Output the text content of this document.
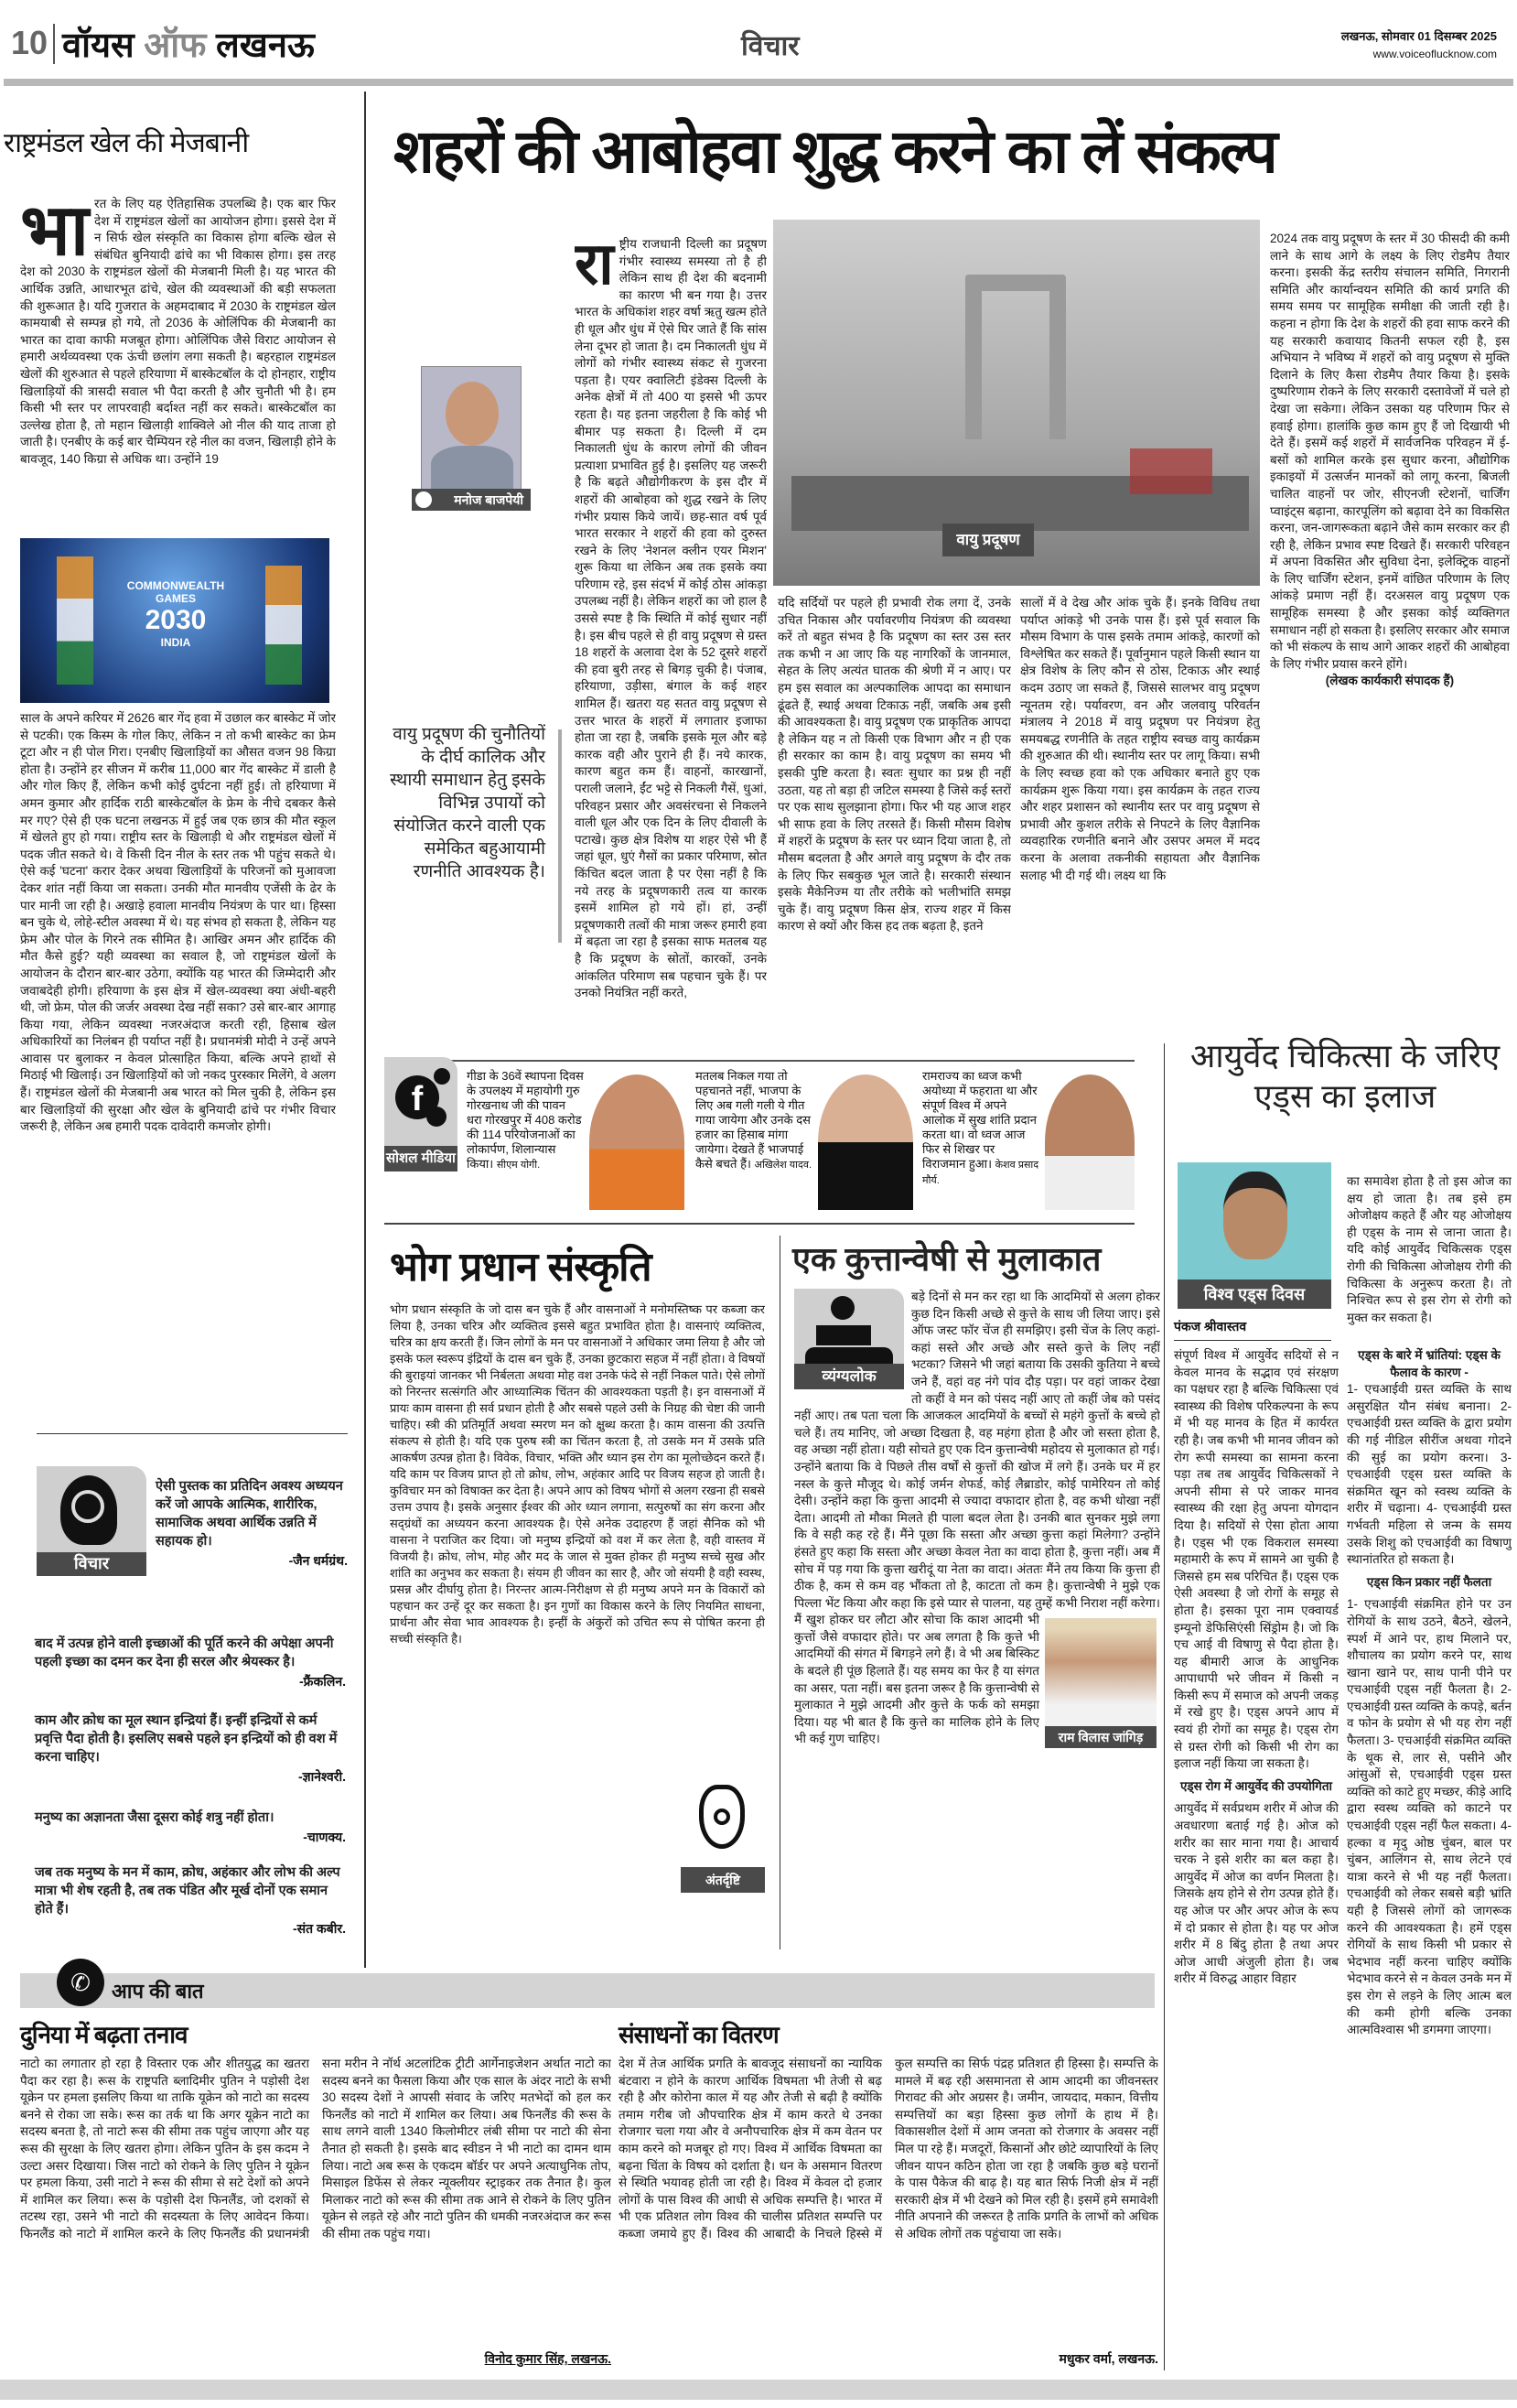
10 वॉयस ऑफ लखनऊ	विचार	लखनऊ, सोमवार 01 दिसम्बर 2025
www.voiceoflucknow.com
राष्ट्रमंडल खेल की मेजबानी
भा रत के लिए यह ऐतिहासिक उपलब्धि है। एक बार फिर देश में राष्ट्रमंडल खेलों का आयोजन होगा। इससे देश में न सिर्फ खेल संस्कृति का विकास होगा बल्कि खेल से संबंधित बुनियादी ढांचे का भी विकास होगा। इस तरह देश को 2030 के राष्ट्रमंडल खेलों की मेजबानी मिली है। यह भारत की आर्थिक उन्नति, आधारभूत ढांचे, खेल की व्यवस्थाओं की बड़ी सफलता की शुरूआत है। यदि गुजरात के अहमदाबाद में 2030 के राष्ट्रमंडल खेल कामयाबी से सम्पन्न हो गये, तो 2036 के ओलिंपिक की मेजबानी का भारत का दावा काफी मजबूत होगा। ओलिंपिक जैसे विराट आयोजन से हमारी अर्थव्यवस्था एक ऊंची छलांग लगा सकती है। बहरहाल राष्ट्रमंडल खेलों की शुरुआत से पहले हरियाणा में बास्केटबॉल के दो होनहार, राष्ट्रीय खिलाड़ियों की त्रासदी सवाल भी पैदा करती है और चुनौती भी है। हम किसी भी स्तर पर लापरवाही बर्दाश्त नहीं कर सकते। बास्केटबॉल का उल्लेख होता है, तो महान खिलाड़ी शाक्विले ओ नील की याद ताजा हो जाती है। एनबीए के कई बार चैम्पियन रहे नील का वजन, खिलाड़ी होने के बावजूद, 140 किग्रा से अधिक था। उन्होंने 19
COMMONWEALTH GAMES
2030
INDIA
साल के अपने करियर में 2626 बार गेंद हवा में उछाल कर बास्केट में जोर से पटकी। एक किस्म के गोल किए, लेकिन न तो कभी बास्केट का फ्रेम टूटा और न ही पोल गिरा। एनबीए खिलाड़ियों का औसत वजन 98 किग्रा होता है। उन्होंने हर सीजन में करीब 11,000 बार गेंद बास्केट में डाली है और गोल किए हैं, लेकिन कभी कोई दुर्घटना नहीं हुई। तो हरियाणा में अमन कुमार और हार्दिक राठी बास्केटबॉल के फ्रेम के नीचे दबकर कैसे मर गए? ऐसे ही एक घटना लखनऊ में हुई जब एक छात्र की मौत स्कूल में खेलते हुए हो गया। राष्ट्रीय स्तर के खिलाड़ी थे और राष्ट्रमंडल खेलों में पदक जीत सकते थे। वे किसी दिन नील के स्तर तक भी पहुंच सकते थे। ऐसे कई 'घटना' करार देकर अथवा खिलाड़ियों के परिजनों को मुआवजा देकर शांत नहीं किया जा सकता। उनकी मौत मानवीय एजेंसी के ढेर के पार मानी जा रही है। अखाड़े हवाला मानवीय नियंत्रण के पार था। हिस्सा बन चुके थे, लोहे-स्टील अवस्था में थे। यह संभव हो सकता है, लेकिन यह फ्रेम और पोल के गिरने तक सीमित है। आखिर अमन और हार्दिक की मौत कैसे हुई? यही व्यवस्था का सवाल है, जो राष्ट्रमंडल खेलों के आयोजन के दौरान बार-बार उठेगा, क्योंकि यह भारत की जिम्मेदारी और जवाबदेही होगी। हरियाणा के इस क्षेत्र में खेल-व्यवस्था क्या अंधी-बहरी थी, जो फ्रेम, पोल की जर्जर अवस्था देख नहीं सका? उसे बार-बार आगाह किया गया, लेकिन व्यवस्था नजरअंदाज करती रही, हिसाब खेल अधिकारियों का निलंबन ही पर्याप्त नहीं है। प्रधानमंत्री मोदी ने उन्हें अपने आवास पर बुलाकर न केवल प्रोत्साहित किया, बल्कि अपने हाथों से मिठाई भी खिलाई। उन खिलाड़ियों को जो नकद पुरस्कार मिलेंगे, वे अलग हैं। राष्ट्रमंडल खेलों की मेजबानी अब भारत को मिल चुकी है, लेकिन इस बार खिलाड़ियों की सुरक्षा और खेल के बुनियादी ढांचे पर गंभीर विचार जरूरी है, लेकिन अब हमारी पदक दावेदारी कमजोर होगी।
विचार
ऐसी पुस्तक का प्रतिदिन अवश्य अध्ययन करें जो आपके आत्मिक, शारीरिक, सामाजिक अथवा आर्थिक उन्नति में सहायक हो।
-जैन धर्मग्रंथ.
बाद में उत्पन्न होने वाली इच्छाओं की पूर्ति करने की अपेक्षा अपनी पहली इच्छा का दमन कर देना ही सरल और श्रेयस्कर है।
-फ्रैंकलिन.
काम और क्रोध का मूल स्थान इन्द्रियां हैं। इन्हीं इन्द्रियों से कर्म प्रवृत्ति पैदा होती है। इसलिए सबसे पहले इन इन्द्रियों को ही वश में करना चाहिए।
-ज्ञानेश्वरी.
मनुष्य का अज्ञानता जैसा दूसरा कोई शत्रु नहीं होता।
-चाणक्य.
जब तक मनुष्य के मन में काम, क्रोध, अहंकार और लोभ की अल्प मात्रा भी शेष रहती है, तब तक पंडित और मूर्ख दोनों एक समान होते हैं।
-संत कबीर.
शहरों की आबोहवा शुद्ध करने का लें संकल्प
मनोज बाजपेयी
रा ष्ट्रीय राजधानी दिल्ली का प्रदूषण गंभीर स्वास्थ्य समस्या तो है ही लेकिन साथ ही देश की बदनामी का कारण भी बन गया है। उत्तर भारत के अधिकांश शहर वर्षा ऋतु खत्म होते ही धूल और धुंध में ऐसे घिर जाते हैं कि सांस लेना दूभर हो जाता है। दम निकालती धुंध में लोगों को गंभीर स्वास्थ्य संकट से गुजरना पड़ता है। एयर क्वालिटी इंडेक्स दिल्ली के अनेक क्षेत्रों में तो 400 या इससे भी ऊपर रहता है। यह इतना जहरीला है कि कोई भी बीमार पड़ सकता है। दिल्ली में दम निकालती धुंध के कारण लोगों की जीवन प्रत्याशा प्रभावित हुई है। इसलिए यह जरूरी है कि बढ़ते औद्योगीकरण के इस दौर में शहरों की आबोहवा को शुद्ध रखने के लिए गंभीर प्रयास किये जायें। छह-सात वर्ष पूर्व भारत सरकार ने शहरों की हवा को दुरुस्त रखने के लिए 'नेशनल क्लीन एयर मिशन' शुरू किया था लेकिन अब तक इसके क्या परिणाम रहे, इस संदर्भ में कोई ठोस आंकड़ा उपलब्ध नहीं है। लेकिन शहरों का जो हाल है उससे स्पष्ट है कि स्थिति में कोई सुधार नहीं है। इस बीच पहले से ही वायु प्रदूषण से ग्रस्त 18 शहरों के अलावा देश के 52 दूसरे शहरों की हवा बुरी तरह से बिगड़ चुकी है। पंजाब, हरियाणा, उड़ीसा, बंगाल के कई शहर शामिल हैं। खतरा यह सतत वायु प्रदूषण से उत्तर भारत के शहरों में लगातार इजाफा होता जा रहा है, जबकि इसके मूल और बड़े कारक वही और पुराने ही हैं। नये कारक, कारण बहुत कम हैं। वाहनों, कारखानों, पराली जलाने, ईंट भट्टे से निकली गैसें, धुआं, परिवहन प्रसार और अवसंरचना से निकलने वाली धूल और एक दिन के लिए दीवाली के पटाखे। कुछ क्षेत्र विशेष या शहर ऐसे भी हैं जहां धूल, धुएं गैसों का प्रकार परिमाण, स्रोत किंचित बदल जाता है पर ऐसा नहीं है कि नये तरह के प्रदूषणकारी तत्व या कारक इसमें शामिल हो गये हों। हां, उन्हीं प्रदूषणकारी तत्वों की मात्रा जरूर हमारी हवा में बढ़ता जा रहा है इसका साफ मतलब यह है कि प्रदूषण के स्रोतों, कारकों, उनके आंकलित परिमाण सब पहचान चुके हैं। पर उनको नियंत्रित नहीं करते,
वायु प्रदूषण
यदि सर्दियों पर पहले ही प्रभावी रोक लगा दें, उनके उचित निकास और पर्यावरणीय नियंत्रण की व्यवस्था करें तो बहुत संभव है कि प्रदूषण का स्तर उस स्तर तक कभी न आ जाए कि यह नागरिकों के जानमाल, सेहत के लिए अत्यंत घातक की श्रेणी में न आए। पर हम इस सवाल का अल्पकालिक आपदा का समाधान ढूंढते हैं, स्थाई अथवा टिकाऊ नहीं, जबकि अब इसी की आवश्यकता है। वायु प्रदूषण एक प्राकृतिक आपदा है लेकिन यह न तो किसी एक विभाग और न ही एक ही सरकार का काम है। वायु प्रदूषण का समय भी इसकी पुष्टि करता है। स्वतः सुधार का प्रश्न ही नहीं उठता, यह तो बड़ा ही जटिल समस्या है जिसे कई स्तरों पर एक साथ सुलझाना होगा। फिर भी यह आज शहर भी साफ हवा के लिए तरसते हैं। किसी मौसम विशेष में शहरों के प्रदूषण के स्तर पर ध्यान दिया जाता है, तो मौसम बदलता है और अगले वायु प्रदूषण के दौर तक के लिए फिर सबकुछ भूल जाते है। सरकारी संस्थान इसके मैकेनिज्म या तौर तरीके को भलीभांति समझ चुके हैं। वायु प्रदूषण किस क्षेत्र, राज्य शहर में किस कारण से क्यों और किस हद तक बढ़ता है, इतने
सालों में वे देख और आंक चुके हैं। इनके विविध तथा पर्याप्त आंकड़े भी उनके पास हैं। इसे पूर्व सवाल कि मौसम विभाग के पास इसके तमाम आंकड़े, कारणों को विश्लेषित कर सकते हैं। पूर्वानुमान पहले किसी स्थान या क्षेत्र विशेष के लिए कौन से ठोस, टिकाऊ और स्थाई कदम उठाए जा सकते हैं, जिससे सालभर वायु प्रदूषण न्यूनतम रहे। पर्यावरण, वन और जलवायु परिवर्तन मंत्रालय ने 2018 में वायु प्रदूषण पर नियंत्रण हेतु समयबद्ध रणनीति के तहत राष्ट्रीय स्वच्छ वायु कार्यक्रम की शुरुआत की थी। स्थानीय स्तर पर लागू किया। सभी के लिए स्वच्छ हवा को एक अधिकार बनाते हुए एक कार्यक्रम शुरू किया गया। इस कार्यक्रम के तहत राज्य और शहर प्रशासन को स्थानीय स्तर पर वायु प्रदूषण से प्रभावी और कुशल तरीके से निपटने के लिए वैज्ञानिक व्यवहारिक रणनीति बनाने और उसपर अमल में मदद करना के अलावा तकनीकी सहायता और वैज्ञानिक सलाह भी दी गई थी। लक्ष्य था कि
2024 तक वायु प्रदूषण के स्तर में 30 फीसदी की कमी लाने के साथ आगे के लक्ष्य के लिए रोडमैप तैयार करना। इसकी केंद्र स्तरीय संचालन समिति, निगरानी समिति और कार्यान्वयन समिति की कार्य प्रगति की समय समय पर सामूहिक समीक्षा की जाती रही है। कहना न होगा कि देश के शहरों की हवा साफ करने की यह सरकारी कवायाद कितनी सफल रही है, इस अभियान ने भविष्य में शहरों को वायु प्रदूषण से मुक्ति दिलाने के लिए कैसा रोडमैप तैयार किया है। इसके दुष्परिणाम रोकने के लिए सरकारी दस्तावेजों में चले हो देखा जा सकेगा। लेकिन उसका यह परिणाम फिर से हवाई होगा। हालांकि कुछ काम हुए हैं जो दिखायी भी देते हैं। इसमें कई शहरों में सार्वजनिक परिवहन में ई-बसों को शामिल करके इस सुधार करना, औद्योगिक इकाइयों में उत्सर्जन मानकों को लागू करना, बिजली चालित वाहनों पर जोर, सीएनजी स्टेशनों, चार्जिंग प्वाइंट्स बढ़ाना, कारपूलिंग को बढ़ावा देने का विकसित करना, जन-जागरूकता बढ़ाने जैसे काम सरकार कर ही रही है, लेकिन प्रभाव स्पष्ट दिखते हैं। सरकारी परिवहन में अपना विकसित और सुविधा देना, इलेक्ट्रिक वाहनों के लिए चार्जिंग स्टेशन, इनमें वांछित परिणाम के लिए आंकड़े प्रमाण नहीं हैं। दरअसल वायु प्रदूषण एक सामूहिक समस्या है और इसका कोई व्यक्तिगत समाधान नहीं हो सकता है। इसलिए सरकार और समाज को भी संकल्प के साथ आगे आकर शहरों की आबोहवा के लिए गंभीर प्रयास करने होंगे।
(लेखक कार्यकारी संपादक हैं)
वायु प्रदूषण की चुनौतियों के दीर्घ कालिक और स्थायी समाधान हेतु इसके विभिन्न उपायों को संयोजित करने वाली एक समेकित बहुआयामी रणनीति आवश्यक है।
f
सोशल मीडिया
गीडा के 36वें स्थापना दिवस के उपलक्ष्य में महायोगी गुरु गोरखनाथ जी की पावन धरा गोरखपुर में 408 करोड की 114 परियोजनाओं का लोकार्पण, शिलान्यास किया। सीएम योगी.
मतलब निकल गया तो पहचानते नहीं, भाजपा के लिए अब गली गली ये गीत गाया जायेगा और उनके दस हजार का हिसाब मांगा जायेगा। देखते हैं भाजपाई कैसे बचते हैं। अखिलेश यादव.
रामराज्य का ध्वज कभी अयोध्या में फहराता था और संपूर्ण विश्व में अपने आलोक में सुख शांति प्रदान करता था। वो ध्वज आज फिर से शिखर पर विराजमान हुआ। केशव प्रसाद मौर्य.
भोग प्रधान संस्कृति
अंतर्दृष्टि
भोग प्रधान संस्कृति के जो दास बन चुके हैं और वासनाओं ने मनोमस्तिष्क पर कब्जा कर लिया है, उनका चरित्र और व्यक्तित्व इससे बहुत प्रभावित होता है। वासनाएं व्यक्तित्व, चरित्र का क्षय करती हैं। जिन लोगों के मन पर वासनाओं ने अधिकार जमा लिया है और जो इसके फल स्वरूप इंद्रियों के दास बन चुके हैं, उनका छुटकारा सहज में नहीं होता। वे विषयों की बुराइयां जानकर भी निर्बलता अथवा मोह वश उनके फंदे से नहीं निकल पाते। ऐसे लोगों को निरन्तर सत्संगति और आध्यात्मिक चिंतन की आवश्यकता पड़ती है। इन वासनाओं में प्रायः काम वासना ही सर्व प्रधान होती है और सबसे पहले उसी के निग्रह की चेष्टा की जानी चाहिए। स्त्री की प्रतिमूर्ति अथवा स्मरण मन को क्षुब्ध करता है। काम वासना की उत्पत्ति संकल्प से होती है। यदि एक पुरुष स्त्री का चिंतन करता है, तो उसके मन में उसके प्रति आकर्षण उत्पन्न होता है। विवेक, विचार, भक्ति और ध्यान इस रोग का मूलोच्छेदन करते हैं। यदि काम पर विजय प्राप्त हो तो क्रोध, लोभ, अहंकार आदि पर विजय सहज हो जाती है। कुविचार मन को विषाक्त कर देता है। अपने आप को विषय भोगों से अलग रखना ही सबसे उत्तम उपाय है। इसके अनुसार ईश्वर की ओर ध्यान लगाना, सत्पुरुषों का संग करना और सद्ग्रंथों का अध्ययन करना आवश्यक है। ऐसे अनेक उदाहरण हैं जहां सैनिक को भी वासना ने पराजित कर दिया। जो मनुष्य इन्द्रियों को वश में कर लेता है, वही वास्तव में विजयी है। क्रोध, लोभ, मोह और मद के जाल से मुक्त होकर ही मनुष्य सच्चे सुख और शांति का अनुभव कर सकता है। संयम ही जीवन का सार है, और जो संयमी है वही स्वस्थ, प्रसन्न और दीर्घायु होता है। निरन्तर आत्म-निरीक्षण से ही मनुष्य अपने मन के विकारों को पहचान कर उन्हें दूर कर सकता है। इन गुणों का विकास करने के लिए नियमित साधना, प्रार्थना और सेवा भाव आवश्यक है। इन्हीं के अंकुरों को उचित रूप से पोषित करना ही सच्ची संस्कृति है।
एक कुत्तान्वेषी से मुलाकात
व्यंग्यलोक
बड़े दिनों से मन कर रहा था कि आदमियों से अलग होकर कुछ दिन किसी अच्छे से कुत्ते के साथ जी लिया जाए। इसे ऑफ जस्ट फॉर चेंज ही समझिए। इसी चेंज के लिए कहां-कहां सस्ते और अच्छे और सस्ते कुत्ते के लिए नहीं भटका? जिसने भी जहां बताया कि उसकी कुतिया ने बच्चे जने हैं, वहां वह नंगे पांव दौड़ पड़ा। पर वहां जाकर देखा तो कहीं वे मन को पंसद नहीं आए तो कहीं जेब को पसंद नहीं आए। तब पता चला कि आजकल आदमियों के बच्चों से महंगे कुत्तों के बच्चे हो चले हैं। तय मानिए, जो अच्छा दिखता है, वह महंगा होता है और जो सस्ता होता है, वह अच्छा नहीं होता। यही सोचते हुए एक दिन कुत्तान्वेषी महोदय से मुलाकात हो गई। उन्होंने बताया कि वे पिछले तीस वर्षों से कुत्तों की खोज में लगे हैं। उनके घर में हर नस्ल के कुत्ते मौजूद थे। कोई जर्मन शेफर्ड, कोई लैब्राडोर, कोई पामेरियन तो कोई देसी। उन्होंने कहा कि कुत्ता आदमी से ज्यादा वफादार होता है, वह कभी धोखा नहीं देता। आदमी तो मौका मिलते ही पाला बदल लेता है। उनकी बात सुनकर मुझे लगा कि वे सही कह रहे हैं। मैंने पूछा कि सस्ता और अच्छा कुत्ता कहां मिलेगा? उन्होंने हंसते हुए कहा कि सस्ता और अच्छा केवल नेता का वादा होता है, कुत्ता नहीं। अब मैं सोच में पड़ गया कि कुत्ता खरीदूं या नेता का वादा। अंततः मैंने तय किया कि कुत्ता ही ठीक है, कम से कम वह भौंकता तो है, काटता तो कम है। कुत्तान्वेषी ने मुझे एक पिल्ला भेंट किया और कहा कि इसे प्यार से पालना, यह तुम्हें कभी निराश नहीं करेगा। मैं खुश होकर घर लौटा और सोचा कि काश आदमी भी कुत्तों जैसे वफादार होते। पर अब लगता है कि कुत्ते भी आदमियों की संगत में बिगड़ने लगे हैं। वे भी अब बिस्किट के बदले ही पूंछ हिलाते हैं। यह समय का फेर है या संगत का असर, पता नहीं। बस इतना जरूर है कि कुत्तान्वेषी से मुलाकात ने मुझे आदमी और कुत्ते के फर्क को समझा दिया। यह भी बात है कि कुत्ते का मालिक होने के लिए भी कई गुण चाहिए।	राम विलास जांगिड़
आयुर्वेद चिकित्सा के जरिए एड्स का इलाज
विश्व एड्स दिवस
पंकज श्रीवास्तव
का समावेश होता है तो इस ओज का क्षय हो जाता है। तब इसे हम ओजोक्षय कहते हैं और यह ओजोक्षय ही एड्स के नाम से जाना जाता है। यदि कोई आयुर्वेद चिकित्सक एड्स रोगी की चिकित्सा ओजोक्षय रोगी की चिकित्सा के अनुरूप करता है। तो निश्चित रूप से इस रोग से रोगी को मुक्त कर सकता है।
संपूर्ण विश्व में आयुर्वेद सदियों से न केवल मानव के सद्भाव एवं संरक्षण का पक्षधर रहा है बल्कि चिकित्सा एवं स्वास्थ्य की विशेष परिकल्पना के रूप में भी यह मानव के हित में कार्यरत रही है। जब कभी भी मानव जीवन को रोग रूपी समस्या का सामना करना पड़ा तब तब आयुर्वेद चिकित्सकों ने अपनी सीमा से परे जाकर मानव स्वास्थ्य की रक्षा हेतु अपना योगदान दिया है। सदियों से ऐसा होता आया है। एड्स भी एक विकराल समस्या महामारी के रूप में सामने आ चुकी है जिससे हम सब परिचित हैं। एड्स एक ऐसी अवस्था है जो रोगों के समूह से होता है। इसका पूरा नाम एक्वायर्ड इम्यूनो डेफिसिएंसी सिंड्रोम है। जो कि एच आई वी विषाणु से पैदा होता है। यह बीमारी आज के आधुनिक आपाधापी भरे जीवन में किसी न किसी रूप में समाज को अपनी जकड़ में रखे हुए है। एड्स अपने आप में स्वयं ही रोगों का समूह है। एड्स रोग से ग्रस्त रोगी को किसी भी रोग का इलाज नहीं किया जा सकता है।
एड्स रोग में आयुर्वेद की उपयोगिता
आयुर्वेद में सर्वप्रथम शरीर में ओज की अवधारणा बताई गई है। ओज को शरीर का सार माना गया है। आचार्य चरक ने इसे शरीर का बल कहा है। आयुर्वेद में ओज का वर्णन मिलता है। जिसके क्षय होने से रोग उत्पन्न होते हैं। यह ओज पर और अपर ओज के रूप में दो प्रकार से होता है। यह पर ओज शरीर में 8 बिंदु होता है तथा अपर ओज आधी अंजुली होता है। जब शरीर में विरुद्ध आहार विहार
एड्स के बारे में भ्रांतियां: एड्स के फैलाव के कारण -
1- एचआईवी ग्रस्त व्यक्ति के साथ असुरक्षित यौन संबंध बनाना। 2- एचआईवी ग्रस्त व्यक्ति के द्वारा प्रयोग की गई नीडिल सीरींज अथवा गोदने की सुई का प्रयोग करना। 3- एचआईवी एड्स ग्रस्त व्यक्ति के संक्रमित खून को स्वस्थ व्यक्ति के शरीर में चढ़ाना। 4- एचआईवी ग्रस्त गर्भवती महिला से जन्म के समय उसके शिशु को एचआईवी का विषाणु स्थानांतरित हो सकता है।
एड्स किन प्रकार नहीं फैलता
1- एचआईवी संक्रमित होने पर उन रोगियों के साथ उठने, बैठने, खेलने, स्पर्श में आने पर, हाथ मिलाने पर, शौचालय का प्रयोग करने पर, साथ खाना खाने पर, साथ पानी पीने पर एचआईवी एड्स नहीं फैलता है। 2- एचआईवी ग्रस्त व्यक्ति के कपड़े, बर्तन व फोन के प्रयोग से भी यह रोग नहीं फैलता। 3- एचआईवी संक्रमित व्यक्ति के थूक से, लार से, पसीने और आंसुओं से, एचआईवी एड्स ग्रस्त व्यक्ति को काटे हुए मच्छर, कीड़े आदि द्वारा स्वस्थ व्यक्ति को काटने पर एचआईवी एड्स नहीं फैल सकता। 4- हल्का व मृदु ओष्ठ चुंबन, बाल पर चुंबन, आलिंगन से, साथ लेटने एवं यात्रा करने से भी यह नहीं फैलता। एचआईवी को लेकर सबसे बड़ी भ्रांति यही है जिससे लोगों को जागरूक करने की आवश्यकता है। हमें एड्स रोगियों के साथ किसी भी प्रकार से भेदभाव नहीं करना चाहिए क्योंकि भेदभाव करने से न केवल उनके मन में इस रोग से लड़ने के लिए आत्म बल की कमी होगी बल्कि उनका आत्मविश्वास भी डगमगा जाएगा।
✆	आप की बात
दुनिया में बढ़ता तनाव
नाटो का लगातार हो रहा है विस्तार एक और शीतयुद्ध का खतरा पैदा कर रहा है। रूस के राष्ट्रपति ब्लादिमीर पुतिन ने पड़ोसी देश यूक्रेन पर हमला इसलिए किया था ताकि यूक्रेन को नाटो का सदस्य बनने से रोका जा सके। रूस का तर्क था कि अगर यूक्रेन नाटो का सदस्य बनता है, तो नाटो रूस की सीमा तक पहुंच जाएगा और यह रूस की सुरक्षा के लिए खतरा होगा। लेकिन पुतिन के इस कदम ने उल्टा असर दिखाया। जिस नाटो को रोकने के लिए पुतिन ने यूक्रेन पर हमला किया, उसी नाटो ने रूस की सीमा से सटे देशों को अपने में शामिल कर लिया। रूस के पड़ोसी देश फिनलैंड, जो दशकों से तटस्थ रहा, उसने भी नाटो की सदस्यता के लिए आवेदन किया। फिनलैंड को नाटो में शामिल करने के लिए फिनलैंड की प्रधानमंत्री सना मरीन ने नॉर्थ अटलांटिक ट्रीटी आर्गेनाइजेशन अर्थात नाटो का सदस्य बनने का फैसला किया और एक साल के अंदर नाटो के सभी 30 सदस्य देशों ने आपसी संवाद के जरिए मतभेदों को हल कर फिनलैंड को नाटो में शामिल कर लिया। अब फिनलैंड की रूस के साथ लगने वाली 1340 किलोमीटर लंबी सीमा पर नाटो की सेना तैनात हो सकती है। इसके बाद स्वीडन ने भी नाटो का दामन थाम लिया। नाटो अब रूस के एकदम बॉर्डर पर अपने अत्याधुनिक तोप, मिसाइल डिफेंस से लेकर न्यूक्लीयर स्ट्राइकर तक तैनात है। कुल मिलाकर नाटो को रूस की सीमा तक आने से रोकने के लिए पुतिन यूक्रेन से लड़ते रहे और नाटो पुतिन की धमकी नजरअंदाज कर रूस की सीमा तक पहुंच गया।
विनोद कुमार सिंह, लखनऊ.
संसाधनों का वितरण
देश में तेज आर्थिक प्रगति के बावजूद संसाधनों का न्यायिक बंटवारा न होने के कारण आर्थिक विषमता भी तेजी से बढ़ रही है और कोरोना काल में यह और तेजी से बढ़ी है क्योंकि तमाम गरीब जो औपचारिक क्षेत्र में काम करते थे उनका रोजगार चला गया और वे अनौपचारिक क्षेत्र में कम वेतन पर काम करने को मजबूर हो गए। विश्व में आर्थिक विषमता का बढ़ना चिंता के विषय को दर्शाता है। धन के असमान वितरण से स्थिति भयावह होती जा रही है। विश्व में केवल दो हजार लोगों के पास विश्व की आधी से अधिक सम्पत्ति है। भारत में भी एक प्रतिशत लोग विश्व की चालीस प्रतिशत सम्पत्ति पर कब्जा जमाये हुए हैं। विश्व की आबादी के निचले हिस्से में कुल सम्पत्ति का सिर्फ पंद्रह प्रतिशत ही हिस्सा है। सम्पत्ति के मामले में बढ़ रही असमानता से आम आदमी का जीवनस्तर गिरावट की ओर अग्रसर है। जमीन, जायदाद, मकान, वित्तीय सम्पत्तियों का बड़ा हिस्सा कुछ लोगों के हाथ में है। विकासशील देशों में आम जनता को रोजगार के अवसर नहीं मिल पा रहे हैं। मजदूरों, किसानों और छोटे व्यापारियों के लिए जीवन यापन कठिन होता जा रहा है जबकि कुछ बड़े घरानों के पास पैकेज की बाढ़ है। यह बात सिर्फ निजी क्षेत्र में नहीं सरकारी क्षेत्र में भी देखने को मिल रही है। इसमें हमे समावेशी नीति अपनाने की जरूरत है ताकि प्रगति के लाभों को अधिक से अधिक लोगों तक पहुंचाया जा सके।
मधुकर वर्मा, लखनऊ.
